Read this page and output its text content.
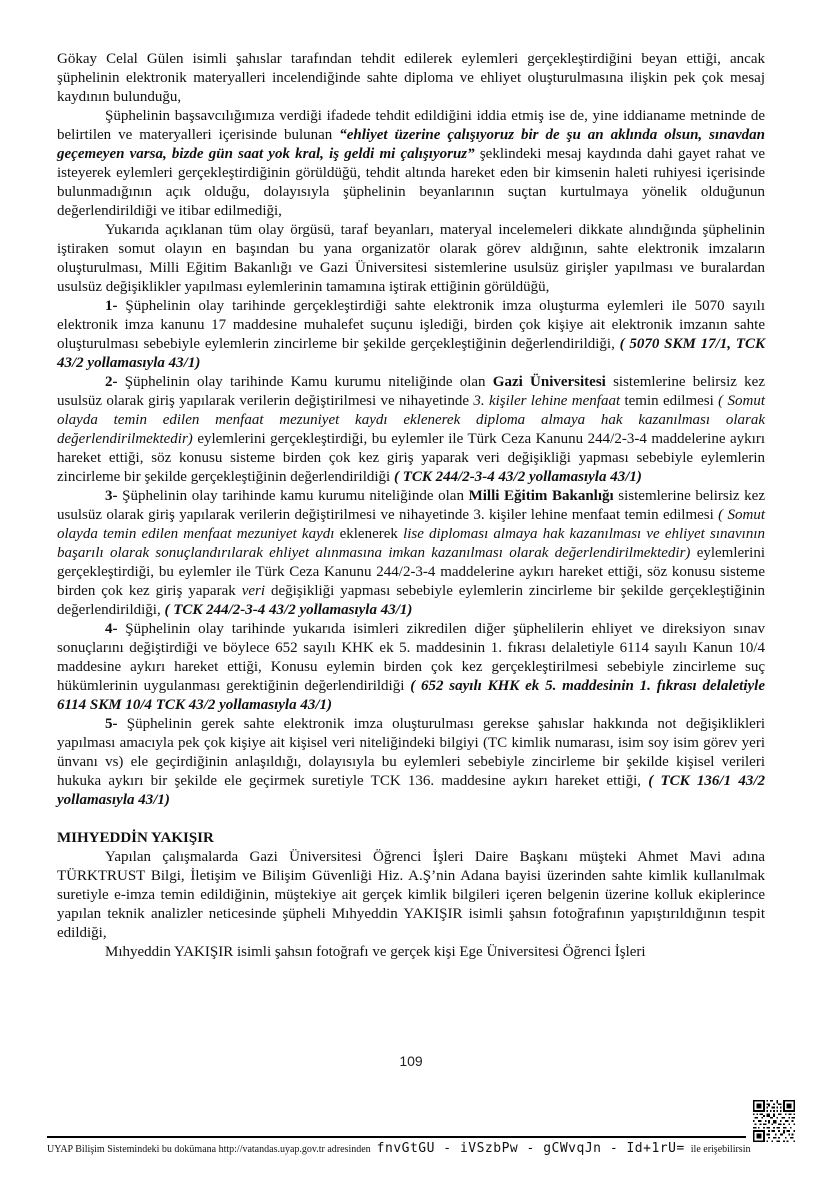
Gökay Celal Gülen isimli şahıslar tarafından tehdit edilerek eylemleri gerçekleştirdiğini beyan ettiği, ancak şüphelinin elektronik materyalleri incelendiğinde sahte diploma ve ehliyet oluşturulmasına ilişkin pek çok mesaj kaydının bulunduğu,

Şüphelinin başsavcılığımıza verdiği ifadede tehdit edildiğini iddia etmiş ise de, yine iddianame metninde de belirtilen ve materyalleri içerisinde bulunan “ehliyet üzerine çalışıyoruz bir de şu an aklında olsun, sınavdan geçemeyen varsa, bizde gün saat yok kral, iş geldi mi çalışıyoruz” şeklindeki mesaj kaydında dahi gayet rahat ve isteyerek eylemleri gerçekleştirdiğinin görüldüğü, tehdit altında hareket eden bir kimsenin haleti ruhiyesi içerisinde bulunmadığının açık olduğu, dolayısıyla şüphelinin beyanlarının suçtan kurtulmaya yönelik olduğunun değerlendirildiği ve itibar edilmediği,

Yukarıda açıklanan tüm olay örgüsü, taraf beyanları, materyal incelemeleri dikkate alındığında şüphelinin iştiraken somut olayın en başından bu yana organizatör olarak görev aldığının, sahte elektronik imzaların oluşturulması, Milli Eğitim Bakanlığı ve Gazi Üniversitesi sistemlerine usulsüz girişler yapılması ve buralardan usulsüz değişiklikler yapılması eylemlerinin tamamına iştirak ettiğinin görüldüğü,

1- Şüphelinin olay tarihinde gerçekleştirdiği sahte elektronik imza oluşturma eylemleri ile 5070 sayılı elektronik imza kanunu 17 maddesine muhalefet suçunu işlediği, birden çok kişiye ait elektronik imzanın sahte oluşturulması sebebiyle eylemlerin zincirleme bir şekilde gerçekleştiğinin değerlendirildiği, ( 5070 SKM 17/1, TCK 43/2 yollamasıyla 43/1)

2- Şüphelinin olay tarihinde Kamu kurumu niteliğinde olan Gazi Üniversitesi sistemlerine belirsiz kez usulsüz olarak giriş yapılarak verilerin değiştirilmesi ve nihayetinde 3. kişiler lehine menfaat temin edilmesi ( Somut olayda temin edilen menfaat mezuniyet kaydı eklenerek diploma almaya hak kazanılması olarak değerlendirilmektedir) eylemlerini gerçekleştirdiği, bu eylemler ile Türk Ceza Kanunu 244/2-3-4 maddelerine aykırı hareket ettiği, söz konusu sisteme birden çok kez giriş yaparak veri değişikliği yapması sebebiyle eylemlerin zincirleme bir şekilde gerçekleştiğinin değerlendirildiği ( TCK 244/2-3-4 43/2 yollamasıyla 43/1)

3- Şüphelinin olay tarihinde kamu kurumu niteliğinde olan Milli Eğitim Bakanlığı sistemlerine belirsiz kez usulsüz olarak giriş yapılarak verilerin değiştirilmesi ve nihayetinde 3. kişiler lehine menfaat temin edilmesi ( Somut olayda temin edilen menfaat mezuniyet kaydı eklenerek lise diploması almaya hak kazanılması ve ehliyet sınavının başarılı olarak sonuçlandırılarak ehliyet alınmasına imkan kazanılması olarak değerlendirilmektedir) eylemlerini gerçekleştirdiği, bu eylemler ile Türk Ceza Kanunu 244/2-3-4 maddelerine aykırı hareket ettiği, söz konusu sisteme birden çok kez giriş yaparak veri değişikliği yapması sebebiyle eylemlerin zincirleme bir şekilde gerçekleştiğinin değerlendirildiği, ( TCK 244/2-3-4 43/2 yollamasıyla 43/1)

4- Şüphelinin olay tarihinde yukarıda isimleri zikredilen diğer şüphelilerin ehliyet ve direksiyon sınav sonuçlarını değiştirdiği ve böylece 652 sayılı KHK ek 5. maddesinin 1. fıkrası delaletiyle 6114 sayılı Kanun 10/4 maddesine aykırı hareket ettiği, Konusu eylemin birden çok kez gerçekleştirilmesi sebebiyle zincirleme suç hükümlerinin uygulanması gerektiğinin değerlendirildiği ( 652 sayılı KHK ek 5. maddesinin 1. fıkrası delaletiyle 6114 SKM 10/4 TCK 43/2 yollamasıyla 43/1)

5- Şüphelinin gerek sahte elektronik imza oluşturulması gerekse şahıslar hakkında not değişiklikleri yapılması amacıyla pek çok kişiye ait kişisel veri niteliğindeki bilgiyi (TC kimlik numarası, isim soy isim görev yeri ünvanı vs) ele geçirdiğinin anlaşıldığı, dolayısıyla bu eylemleri sebebiyle zincirleme bir şekilde kişisel verileri hukuka aykırı bir şekilde ele geçirmek suretiyle TCK 136. maddesine aykırı hareket ettiği, ( TCK 136/1 43/2 yollamasıyla 43/1)

MIHYEDDİN YAKIŞIR

Yapılan çalışmalarda Gazi Üniversitesi Öğrenci İşleri Daire Başkanı müşteki Ahmet Mavi adına TÜRKTRUST Bilgi, İletişim ve Bilişim Güvenliği Hiz. A.Ş’nin Adana bayisi üzerinden sahte kimlik kullanılmak suretiyle e-imza temin edildiğinin, müştekiye ait gerçek kimlik bilgileri içeren belgenin üzerine kolluk ekiplerince yapılan teknik analizler neticesinde şüpheli Mıhyeddin YAKIŞIR isimli şahsın fotoğrafının yapıştırıldığının tespit edildiği,

Mıhyeddin YAKIŞIR isimli şahsın fotoğrafı ve gerçek kişi Ege Üniversitesi Öğrenci İşleri

109
UYAP Bilişim Sistemindeki bu dokümana http://vatandas.uyap.gov.tr adresinden fnvGtGU - iVSzbPw - gCWvqJn - Id+1rU= ile erişebilirsin
